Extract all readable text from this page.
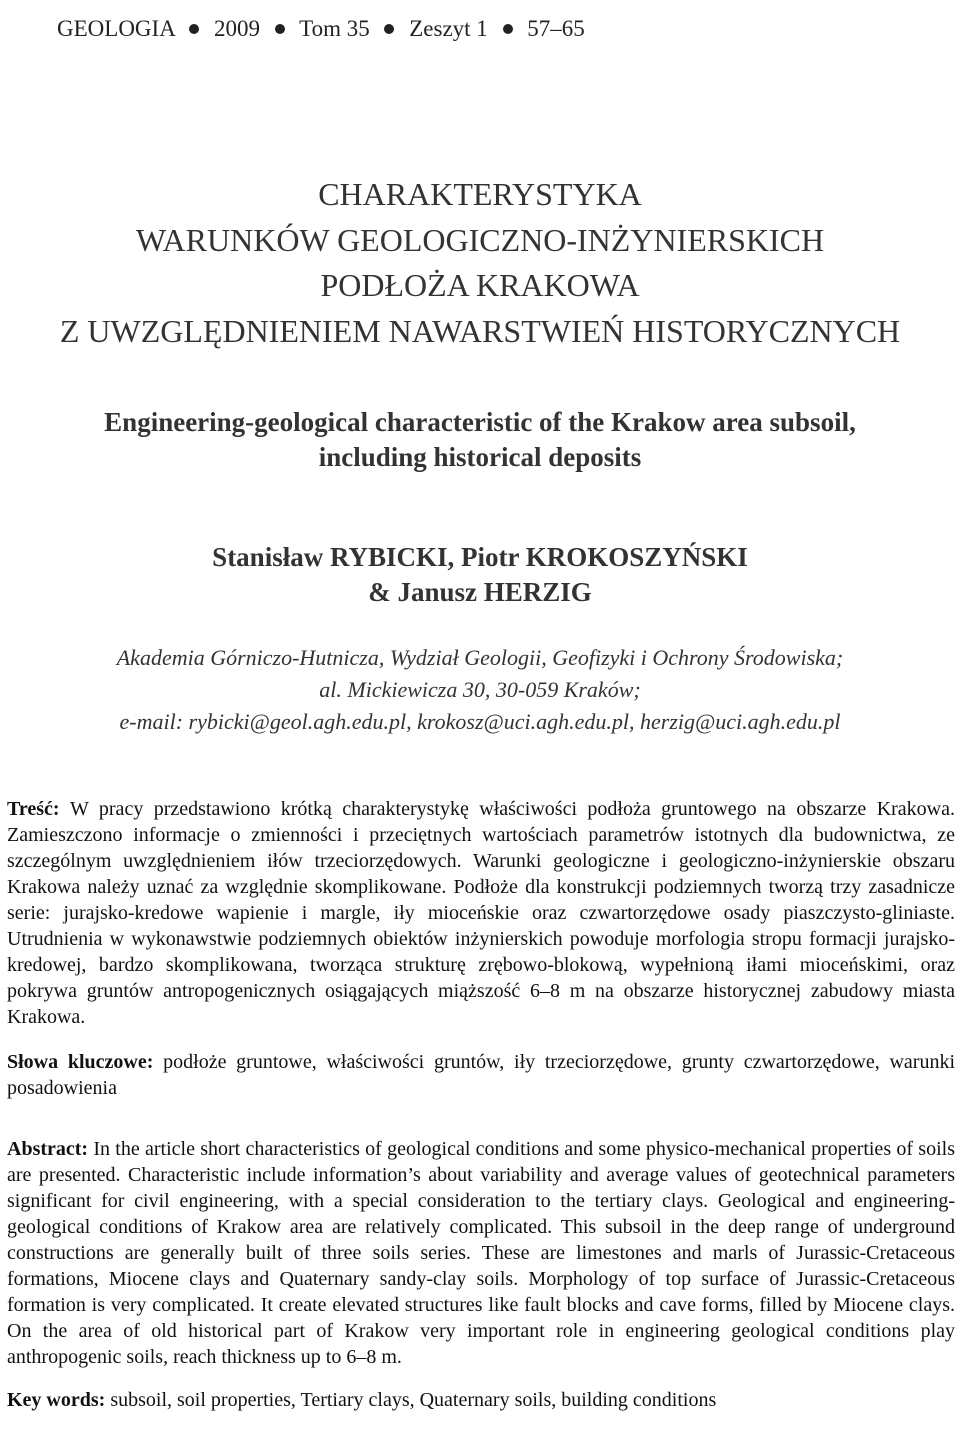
GEOLOGIA 2009 Tom 35 Zeszyt 1 57–65
CHARAKTERYSTYKA
WARUNKÓW GEOLOGICZNO-INŻYNIERSKICH
PODŁOŻA KRAKOWA
Z UWZGLĘDNIENIEM NAWARSTWIEŃ HISTORYCZNYCH
Engineering-geological characteristic of the Krakow area subsoil,
including historical deposits
Stanisław RYBICKI, Piotr KROKOSZYŃSKI
& Janusz HERZIG
Akademia Górniczo-Hutnicza, Wydział Geologii, Geofizyki i Ochrony Środowiska;
al. Mickiewicza 30, 30-059 Kraków;
e-mail: rybicki@geol.agh.edu.pl, krokosz@uci.agh.edu.pl, herzig@uci.agh.edu.pl
Treść: W pracy przedstawiono krótką charakterystykę właściwości podłoża gruntowego na obszarze Krakowa. Zamieszczono informacje o zmienności i przeciętnych wartościach parametrów istotnych dla budownictwa, ze szczególnym uwzględnieniem iłów trzeciorzędowych. Warunki geologiczne i geologiczno-inżynierskie obszaru Krakowa należy uznać za względnie skomplikowane. Podłoże dla konstrukcji podziemnych tworzą trzy zasadnicze serie: jurajsko-kredowe wapienie i margle, iły mioceńskie oraz czwartorzędowe osady piaszczysto-gliniaste. Utrudnienia w wykonawstwie podziemnych obiektów inżynierskich powoduje morfologia stropu formacji jurajsko-kredowej, bardzo skomplikowana, tworząca strukturę zrębowo-blokową, wypełnioną iłami mioceńskimi, oraz pokrywa gruntów antropogenicznych osiągających miąższość 6–8 m na obszarze historycznej zabudowy miasta Krakowa.
Słowa kluczowe: podłoże gruntowe, właściwości gruntów, iły trzeciorzędowe, grunty czwartorzędowe, warunki posadowienia
Abstract: In the article short characteristics of geological conditions and some physico-mechanical properties of soils are presented. Characteristic include information’s about variability and average values of geotechnical parameters significant for civil engineering, with a special consideration to the tertiary clays. Geological and engineering-geological conditions of Krakow area are relatively complicated. This subsoil in the deep range of underground constructions are generally built of three soils series. These are limestones and marls of Jurassic-Cretaceous formations, Miocene clays and Quaternary sandy-clay soils. Morphology of top surface of Jurassic-Cretaceous formation is very complicated. It create elevated structures like fault blocks and cave forms, filled by Miocene clays. On the area of old historical part of Krakow very important role in engineering geological conditions play anthropogenic soils, reach thickness up to 6–8 m.
Key words: subsoil, soil properties, Tertiary clays, Quaternary soils, building conditions
